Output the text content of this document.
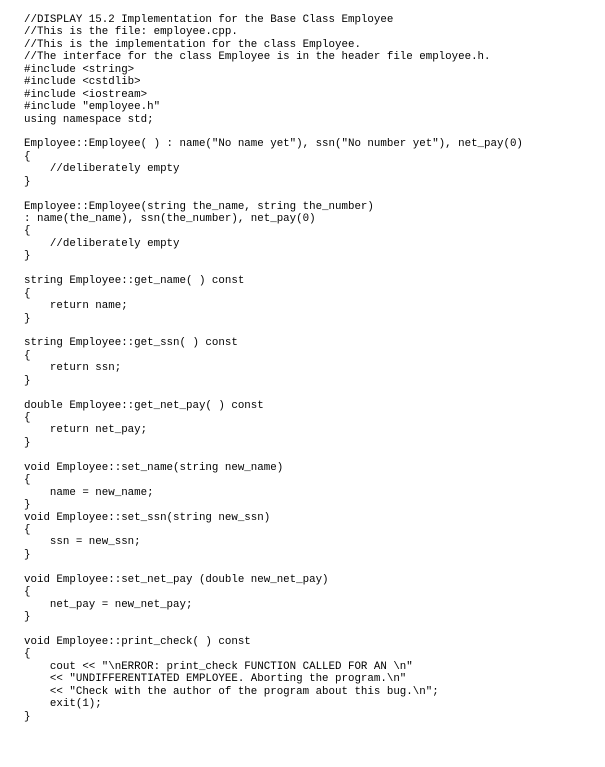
//DISPLAY 15.2 Implementation for the Base Class Employee
//This is the file: employee.cpp.
//This is the implementation for the class Employee.
//The interface for the class Employee is in the header file employee.h.
#include <string>
#include <cstdlib>
#include <iostream>
#include "employee.h"
using namespace std;
Employee::Employee( ) : name("No name yet"), ssn("No number yet"), net_pay(0)
{
//deliberately empty
}
Employee::Employee(string the_name, string the_number)
: name(the_name), ssn(the_number), net_pay(0)
{
//deliberately empty
}
string Employee::get_name( ) const
{
return name;
}
string Employee::get_ssn( ) const
{
return ssn;
}
double Employee::get_net_pay( ) const
{
return net_pay;
}
void Employee::set_name(string new_name)
{
name = new_name;
}
void Employee::set_ssn(string new_ssn)
{
ssn = new_ssn;
}
void Employee::set_net_pay (double new_net_pay)
{
net_pay = new_net_pay;
}
void Employee::print_check( ) const
{
cout << "\nERROR: print_check FUNCTION CALLED FOR AN \n"
<< "UNDIFFERENTIATED EMPLOYEE. Aborting the program.\n"
<< "Check with the author of the program about this bug.\n";
exit(1);
}
